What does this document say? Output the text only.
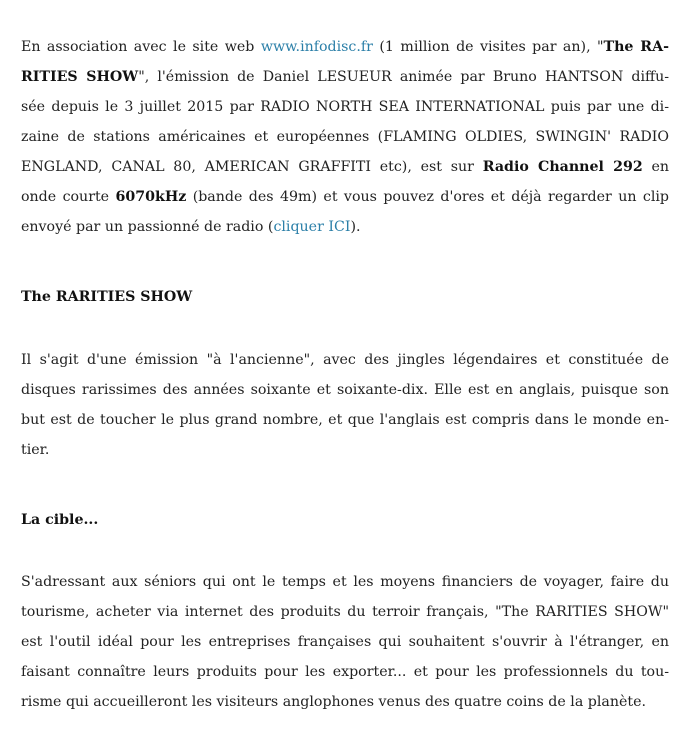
En association avec le site web www.infodisc.fr (1 million de visites par an), "The RA-
RITIES SHOW", l'émission de Daniel LESUEUR animée par Bruno HANTSON diffu-
sée depuis le 3 juillet 2015 par RADIO NORTH SEA INTERNATIONAL puis par une di-
zaine de stations américaines et européennes (FLAMING OLDIES, SWINGIN' RADIO
ENGLAND, CANAL 80, AMERICAN GRAFFITI etc), est sur Radio Channel 292 en
onde courte 6070kHz (bande des 49m) et vous pouvez d'ores et déjà regarder un clip
envoyé par un passionné de radio (cliquer ICI).

The RARITIES SHOW

Il s'agit d'une émission "à l'ancienne", avec des jingles légendaires et constituée de
disques rarissimes des années soixante et soixante-dix. Elle est en anglais, puisque son
but est de toucher le plus grand nombre, et que l'anglais est compris dans le monde en-
tier.

La cible...

S'adressant aux séniors qui ont le temps et les moyens financiers de voyager, faire du
tourisme, acheter via internet des produits du terroir français, "The RARITIES SHOW"
est l'outil idéal pour les entreprises françaises qui souhaitent s'ouvrir à l'étranger, en
faisant connaître leurs produits pour les exporter... et pour les professionnels du tou-
risme qui accueilleront les visiteurs anglophones venus des quatre coins de la planète.
